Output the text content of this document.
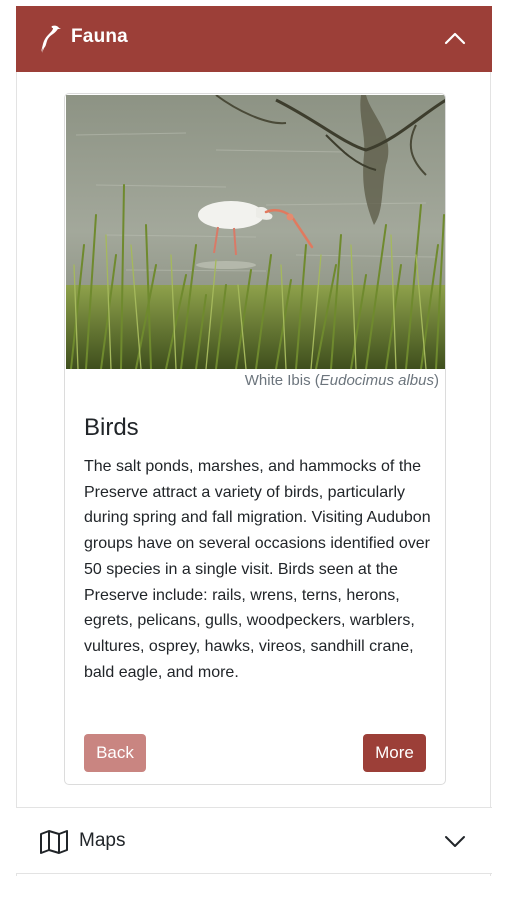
Fauna
White Ibis (Eudocimus albus)
Birds

The salt ponds, marshes, and hammocks of the Preserve attract a variety of birds, particularly during spring and fall migration. Visiting Audubon groups have on several occasions identified over 50 species in a single visit. Birds seen at the Preserve include: rails, wrens, terns, herons, egrets, pelicans, gulls, woodpeckers, warblers, vultures, osprey, hawks, vireos, sandhill crane, bald eagle, and more.

Back	More
Maps
